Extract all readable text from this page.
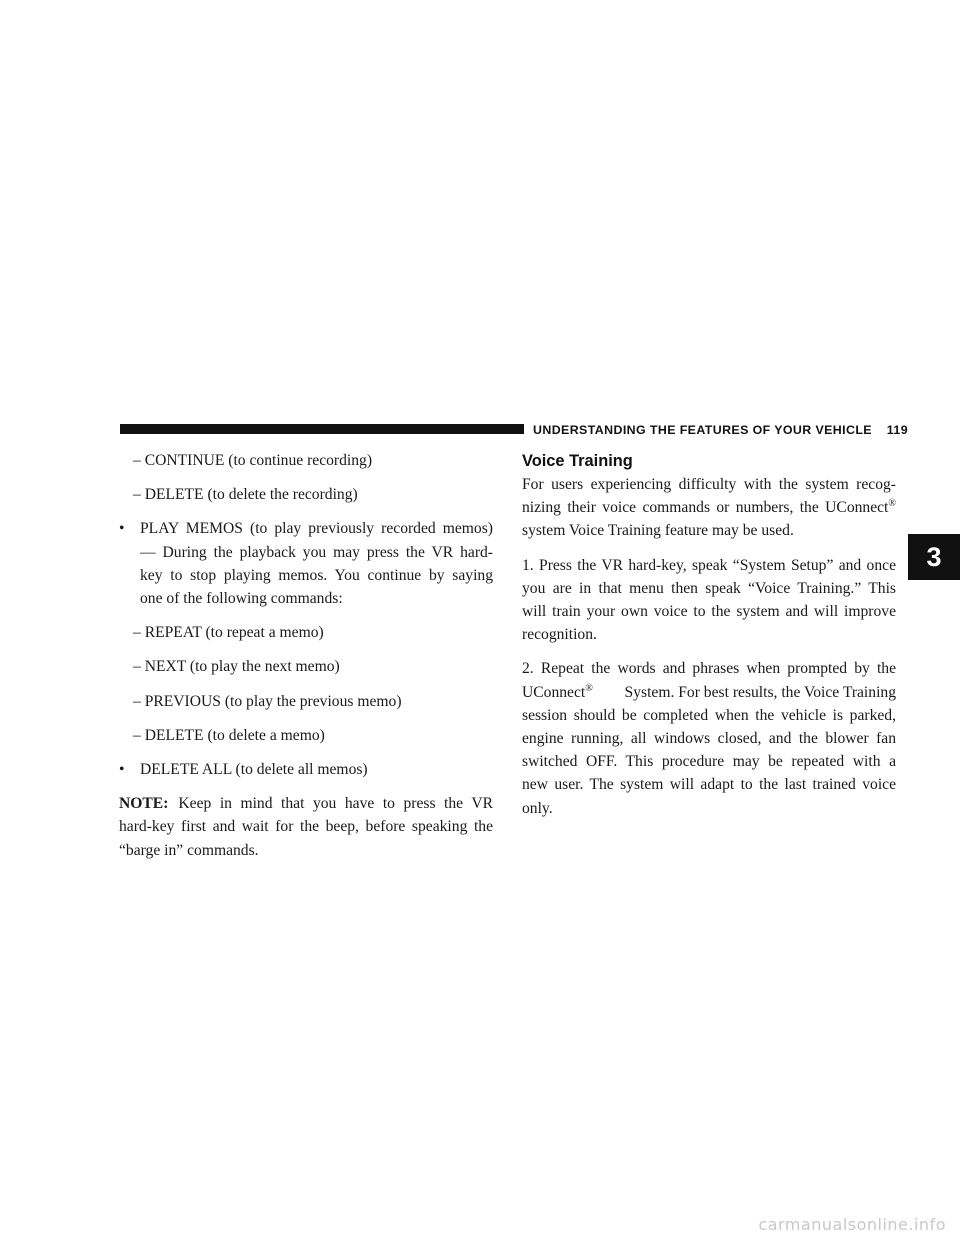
UNDERSTANDING THE FEATURES OF YOUR VEHICLE 119
3
– CONTINUE (to continue recording)
– DELETE (to delete the recording)
• PLAY MEMOS (to play previously recorded memos)
— During the playback you may press the VR hard-
key to stop playing memos. You continue by saying
one of the following commands:
– REPEAT (to repeat a memo)
– NEXT (to play the next memo)
– PREVIOUS (to play the previous memo)
– DELETE (to delete a memo)
• DELETE ALL (to delete all memos)
NOTE: Keep in mind that you have to press the VR
hard-key first and wait for the beep, before speaking the
“barge in” commands.
Voice Training
For users experiencing difficulty with the system recog-
nizing their voice commands or numbers, the UConnect®
system Voice Training feature may be used.
1. Press the VR hard-key, speak “System Setup” and once
you are in that menu then speak “Voice Training.” This
will train your own voice to the system and will improve
recognition.
2. Repeat the words and phrases when prompted by the
UConnect® System. For best results, the Voice Training
session should be completed when the vehicle is parked,
engine running, all windows closed, and the blower fan
switched OFF. This procedure may be repeated with a
new user. The system will adapt to the last trained voice
only.
carmanualsonline.info
